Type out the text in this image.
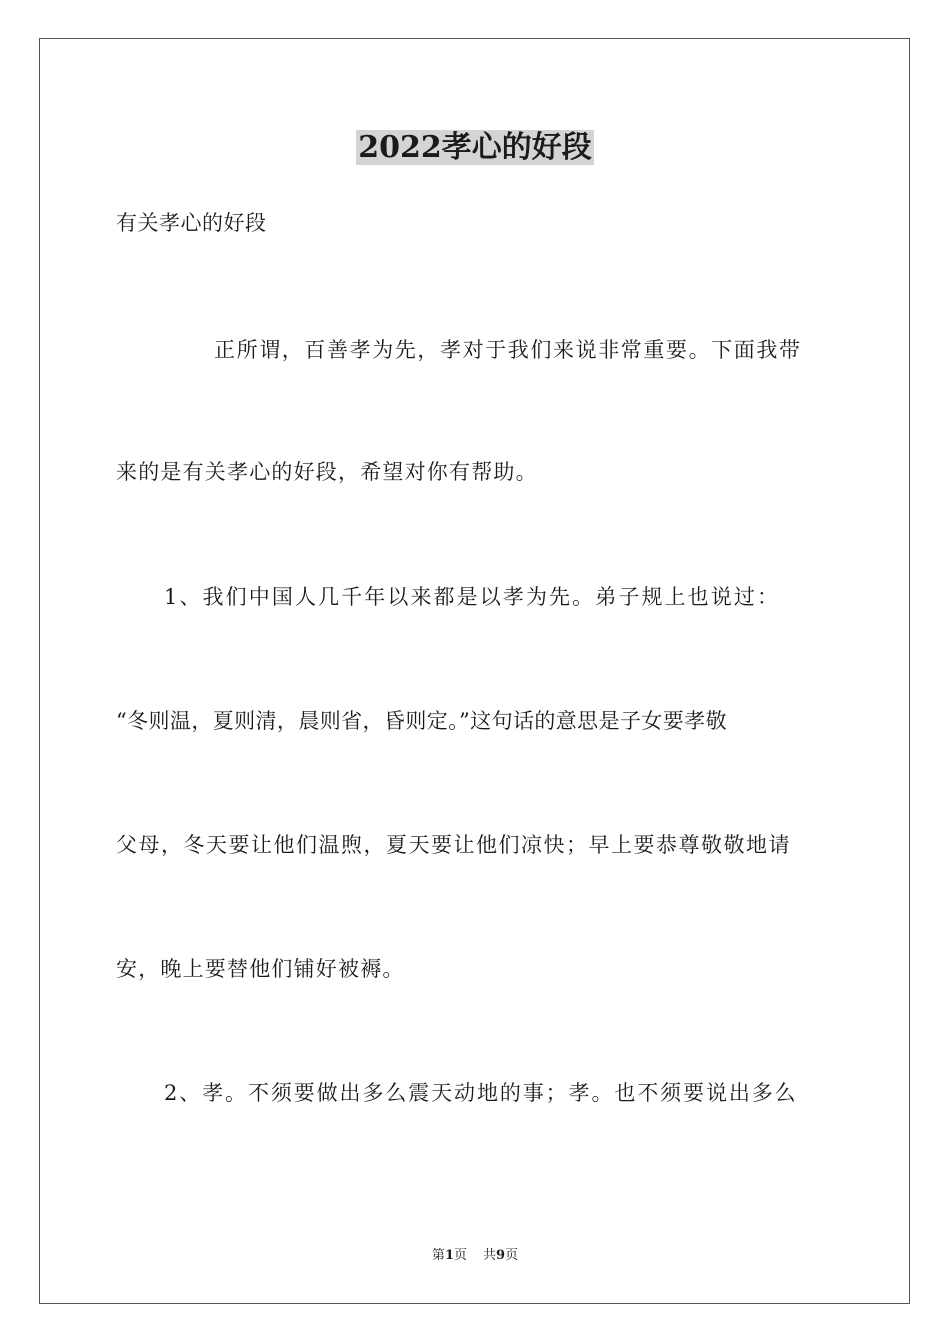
2022孝心的好段

有关孝心的好段

正所谓，百善孝为先，孝对于我们来说非常重要。下面我带

来的是有关孝心的好段，希望对你有帮助。

1、我们中国人几千年以来都是以孝为先。弟子规上也说过：

“冬则温，夏则清，晨则省，昏则定。”这句话的意思是子女要孝敬

父母，冬天要让他们温煦，夏天要让他们凉快；早上要恭尊敬敬地请

安，晚上要替他们铺好被褥。

2、孝。不须要做出多么震天动地的事；孝。也不须要说出多么

第1页 共9页
